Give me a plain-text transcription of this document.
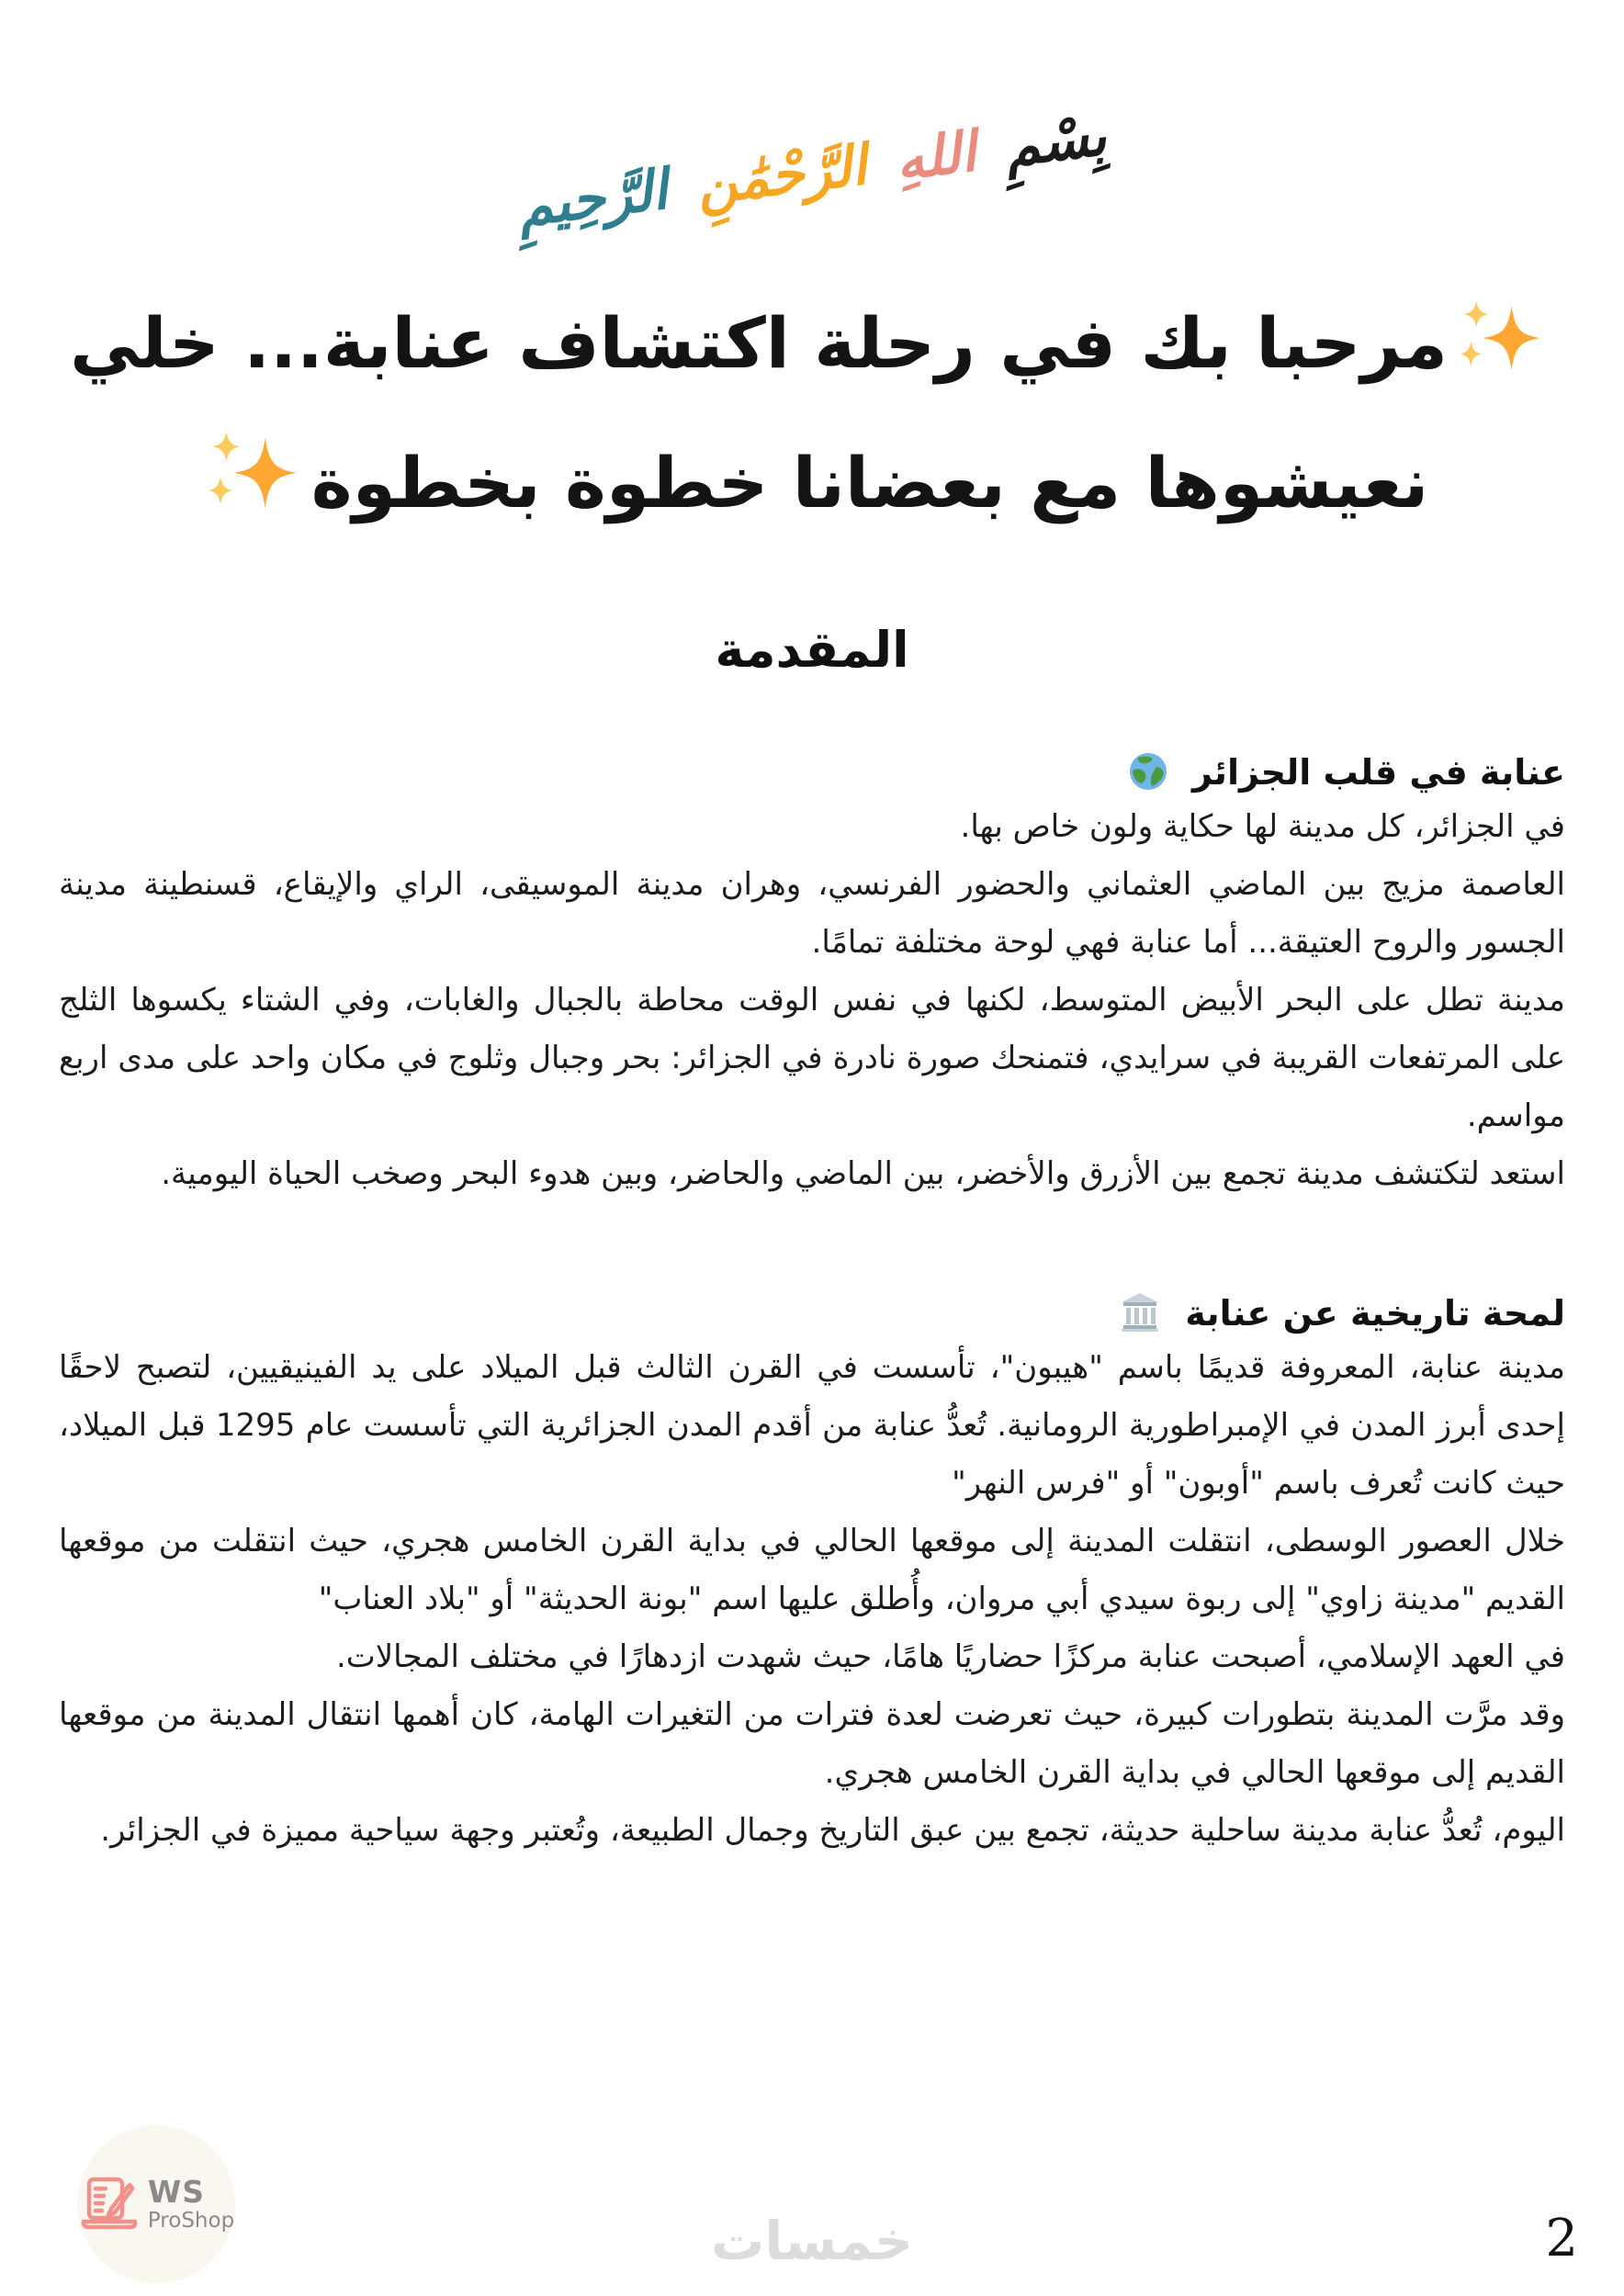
بِسْمِ اللهِ الرَّحْمَٰنِ الرَّحِيمِ
مرحبا بك في رحلة اكتشاف عنابة... خلي
نعيشوها مع بعضانا خطوة بخطوة
المقدمة
عنابة في قلب الجزائر

في الجزائر، كل مدينة لها حكاية ولون خاص بها.

العاصمة مزيج بين الماضي العثماني والحضور الفرنسي، وهران مدينة الموسيقى، الراي والإيقاع، قسنطينة مدينة الجسور والروح العتيقة... أما عنابة فهي لوحة مختلفة تمامًا.

مدينة تطل على البحر الأبيض المتوسط، لكنها في نفس الوقت محاطة بالجبال والغابات، وفي الشتاء يكسوها الثلج على المرتفعات القريبة في سرايدي، فتمنحك صورة نادرة في الجزائر: بحر وجبال وثلوج في مكان واحد على مدى اربع مواسم.

استعد لتكتشف مدينة تجمع بين الأزرق والأخضر، بين الماضي والحاضر، وبين هدوء البحر وصخب الحياة اليومية.

لمحة تاريخية عن عنابة

مدينة عنابة، المعروفة قديمًا باسم "هيبون"، تأسست في القرن الثالث قبل الميلاد على يد الفينيقيين، لتصبح لاحقًا إحدى أبرز المدن في الإمبراطورية الرومانية. تُعدُّ عنابة من أقدم المدن الجزائرية التي تأسست عام 1295 قبل الميلاد، حيث كانت تُعرف باسم "أوبون" أو "فرس النهر"

خلال العصور الوسطى، انتقلت المدينة إلى موقعها الحالي في بداية القرن الخامس هجري، حيث انتقلت من موقعها القديم "مدينة زاوي" إلى ربوة سيدي أبي مروان، وأُطلق عليها اسم "بونة الحديثة" أو "بلاد العناب"

في العهد الإسلامي، أصبحت عنابة مركزًا حضاريًا هامًا، حيث شهدت ازدهارًا في مختلف المجالات.

وقد مرَّت المدينة بتطورات كبيرة، حيث تعرضت لعدة فترات من التغيرات الهامة، كان أهمها انتقال المدينة من موقعها القديم إلى موقعها الحالي في بداية القرن الخامس هجري.

اليوم، تُعدُّ عنابة مدينة ساحلية حديثة، تجمع بين عبق التاريخ وجمال الطبيعة، وتُعتبر وجهة سياحية مميزة في الجزائر.

WS
ProShop	خمسات	2
